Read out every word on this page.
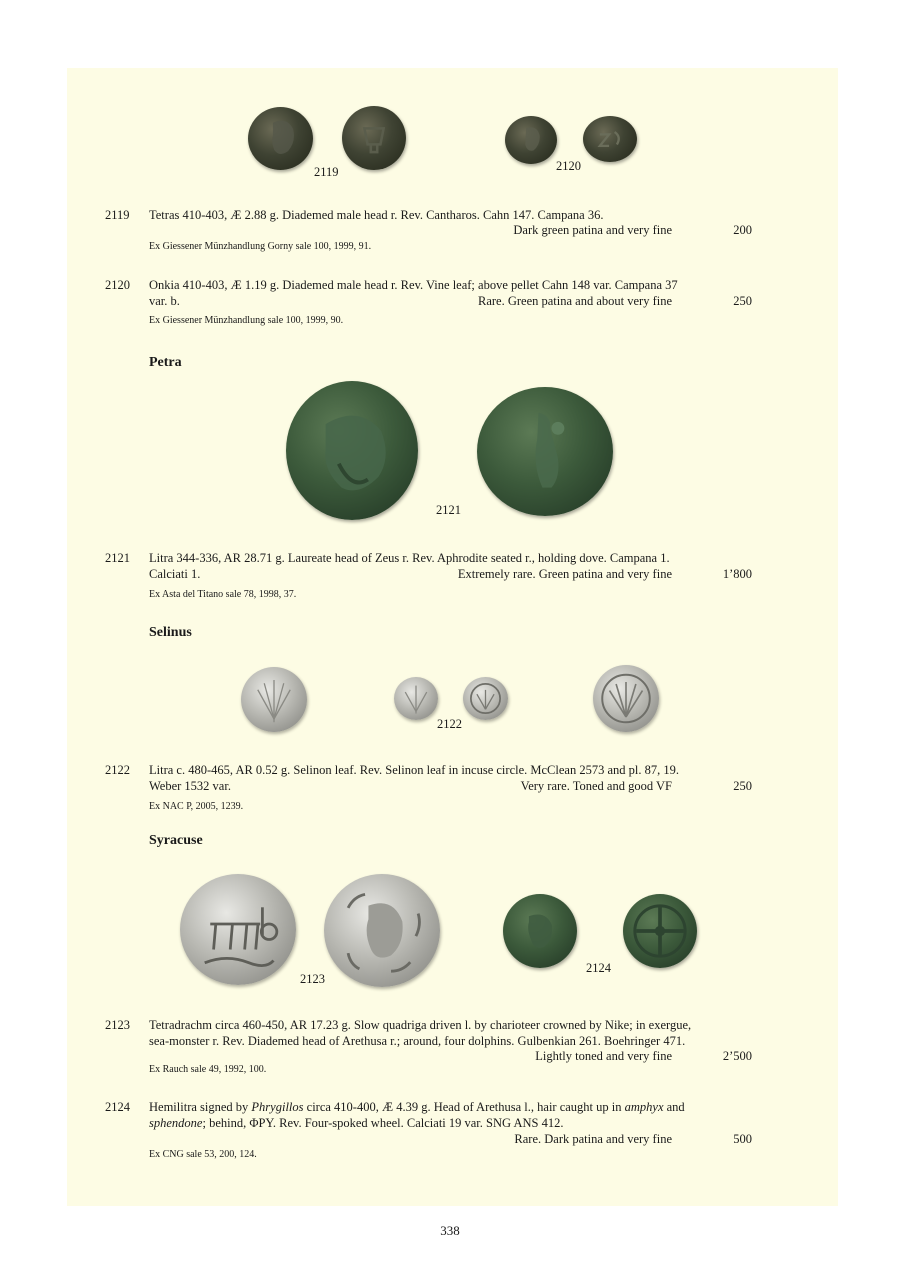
2119	2120
2119 Tetras 410-403, Æ 2.88 g. Diademed male head r. Rev. Cantharos. Cahn 147. Campana 36.
Dark green patina and very fine	200
Ex Giessener Münzhandlung Gorny sale 100, 1999, 91.
2120 Onkia 410-403, Æ 1.19 g. Diademed male head r. Rev. Vine leaf; above pellet Cahn 148 var. Campana 37
var. b.	Rare. Green patina and about very fine	250
Ex Giessener Münzhandlung sale 100, 1999, 90.
Petra
2121
2121 Litra 344-336, AR 28.71 g. Laureate head of Zeus r. Rev. Aphrodite seated r., holding dove. Campana 1.
Calciati 1.	Extremely rare. Green patina and very fine	1’800
Ex Asta del Titano sale 78, 1998, 37.
Selinus
2122
2122 Litra c. 480-465, AR 0.52 g. Selinon leaf. Rev. Selinon leaf in incuse circle. McClean 2573 and pl. 87, 19.
Weber 1532 var.	Very rare. Toned and good VF	250
Ex NAC P, 2005, 1239.
Syracuse
2123
2124
2123 Tetradrachm circa 460-450, AR 17.23 g. Slow quadriga driven l. by charioteer crowned by Nike; in exergue,
sea-monster r. Rev. Diademed head of Arethusa r.; around, four dolphins. Gulbenkian 261. Boehringer 471.
Lightly toned and very fine	2’500
Ex Rauch sale 49, 1992, 100.
2124 Hemilitra signed by Phrygillos circa 410-400, Æ 4.39 g. Head of Arethusa l., hair caught up in amphyx and
sphendone; behind, ΦΡΥ. Rev. Four-spoked wheel. Calciati 19 var. SNG ANS 412.
Rare. Dark patina and very fine	500
Ex CNG sale 53, 200, 124.
338
